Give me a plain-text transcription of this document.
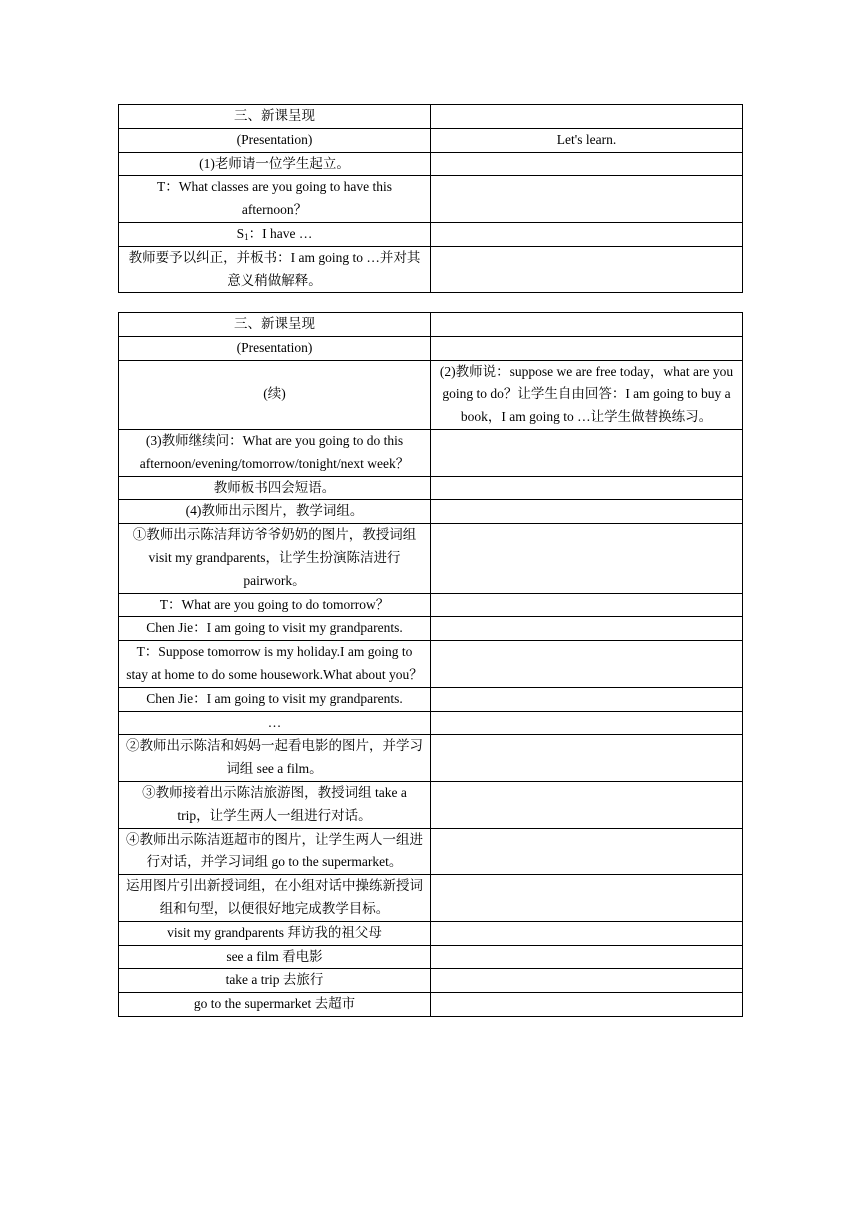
三、新课呈现	
(Presentation)	Let's learn.
(1)老师请一位学生起立。	
T：What classes are you going to have this afternoon？	
$S_1$：I have …	
教师要予以纠正，并板书：I am going to …并对其意义稍做解释。	
三、新课呈现	
(Presentation)	
(续)	(2)教师说：suppose we are free today，what are you going to do？让学生自由回答：I am going to buy a book，I am going to …让学生做替换练习。
(3)教师继续问：What are you going to do this afternoon/evening/tomorrow/tonight/next week？	
教师板书四会短语。	
(4)教师出示图片，教学词组。	
①教师出示陈洁拜访爷爷奶奶的图片，教授词组 visit my grandparents，让学生扮演陈洁进行 pairwork。	
T：What are you going to do tomorrow？	
Chen Jie：I am going to visit my grandparents.	
T：Suppose tomorrow is my holiday.I am going to stay at home to do some housework.What about you？	
Chen Jie：I am going to visit my grandparents.	
…	
②教师出示陈洁和妈妈一起看电影的图片，并学习词组 see a film。	
③教师接着出示陈洁旅游图，教授词组 take a trip，让学生两人一组进行对话。	
④教师出示陈洁逛超市的图片，让学生两人一组进行对话，并学习词组 go to the supermarket。	
运用图片引出新授词组，在小组对话中操练新授词组和句型，以便很好地完成教学目标。	
visit my grandparents 拜访我的祖父母	
see a film 看电影	
take a trip 去旅行	
go to the supermarket 去超市	
